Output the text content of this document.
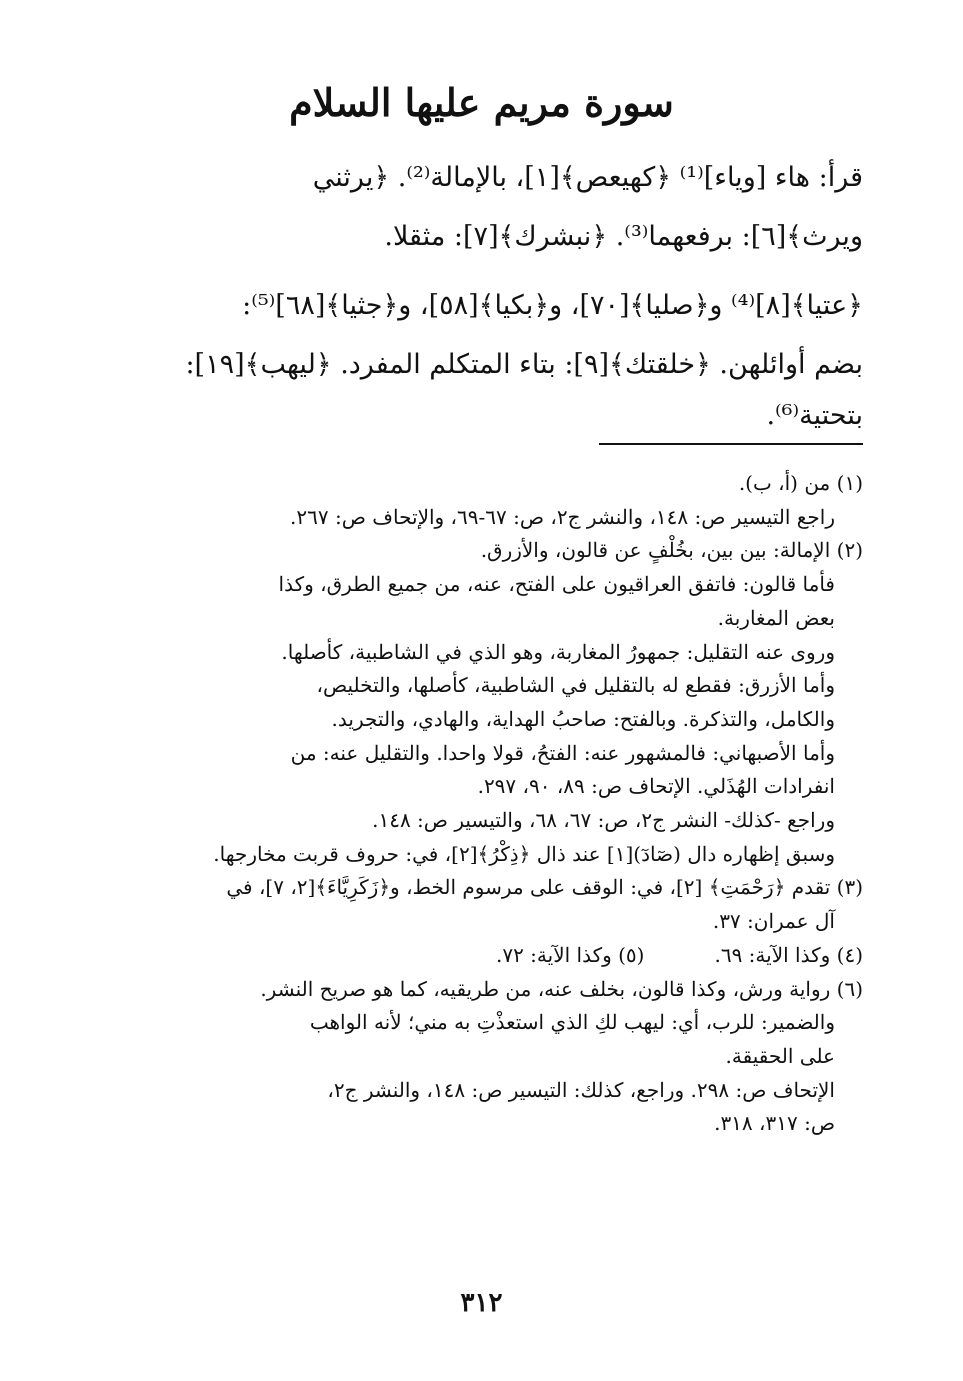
سورة مريم عليها السلام

قرأ: هاء [وياء]⁽¹⁾ ﴿كهيعص﴾[١]، بالإمالة⁽²⁾. ﴿يرثني

ويرث﴾[٦]: برفعهما⁽³⁾. ﴿نبشرك﴾[٧]: مثقلا.

﴿عتيا﴾[٨]⁽⁴⁾ و﴿صليا﴾[٧٠]، و﴿بكيا﴾[٥٨]، و﴿جثيا﴾[٦٨]⁽⁵⁾:

بضم أوائلهن. ﴿خلقتك﴾[٩]: بتاء المتكلم المفرد. ﴿ليهب﴾[١٩]:

بتحتية⁽⁶⁾.

(١) من (أ، ب).

راجع التيسير ص: ١٤٨، والنشر ج٢، ص: ٦٧-٦٩، والإتحاف ص: ٢٦٧.

(٢) الإمالة: بين بين، بخُلْفٍ عن قالون، والأزرق.

فأما قالون: فاتفق العراقيون على الفتح، عنه، من جميع الطرق، وكذا

بعض المغاربة.

وروى عنه التقليل: جمهورُ المغاربة، وهو الذي في الشاطبية، كأصلها.

وأما الأزرق: فقطع له بالتقليل في الشاطبية، كأصلها، والتخليص،

والكامل، والتذكرة. وبالفتح: صاحبُ الهداية، والهادي، والتجريد.

وأما الأصبهاني: فالمشهور عنه: الفتحُ، قولا واحدا. والتقليل عنه: من

انفرادات الهُذَلي. الإتحاف ص: ٨٩، ٩٠، ٢٩٧.

وراجع -كذلك- النشر ج٢، ص: ٦٧، ٦٨، والتيسير ص: ١٤٨.

وسبق إظهاره دال (صٓادٓ)[١] عند ذال ﴿ذِكْرُ﴾[٢]، في: حروف قربت مخارجها.

(٣) تقدم ﴿رَحْمَتِ﴾ [٢]، في: الوقف على مرسوم الخط، و﴿زَكَرِيَّاءَ﴾[٢، ٧]، في

آل عمران: ٣٧.

(٤) وكذا الآية: ٦٩.
(٥) وكذا الآية: ٧٢.

(٦) رواية ورش، وكذا قالون، بخلف عنه، من طريقيه، كما هو صريح النشر.

والضمير: للرب، أي: ليهب لكِ الذي استعذْتِ به مني؛ لأنه الواهب

على الحقيقة.

الإتحاف ص: ٢٩٨. وراجع، كذلك: التيسير ص: ١٤٨، والنشر ج٢،

ص: ٣١٧، ٣١٨.

٣١٢
